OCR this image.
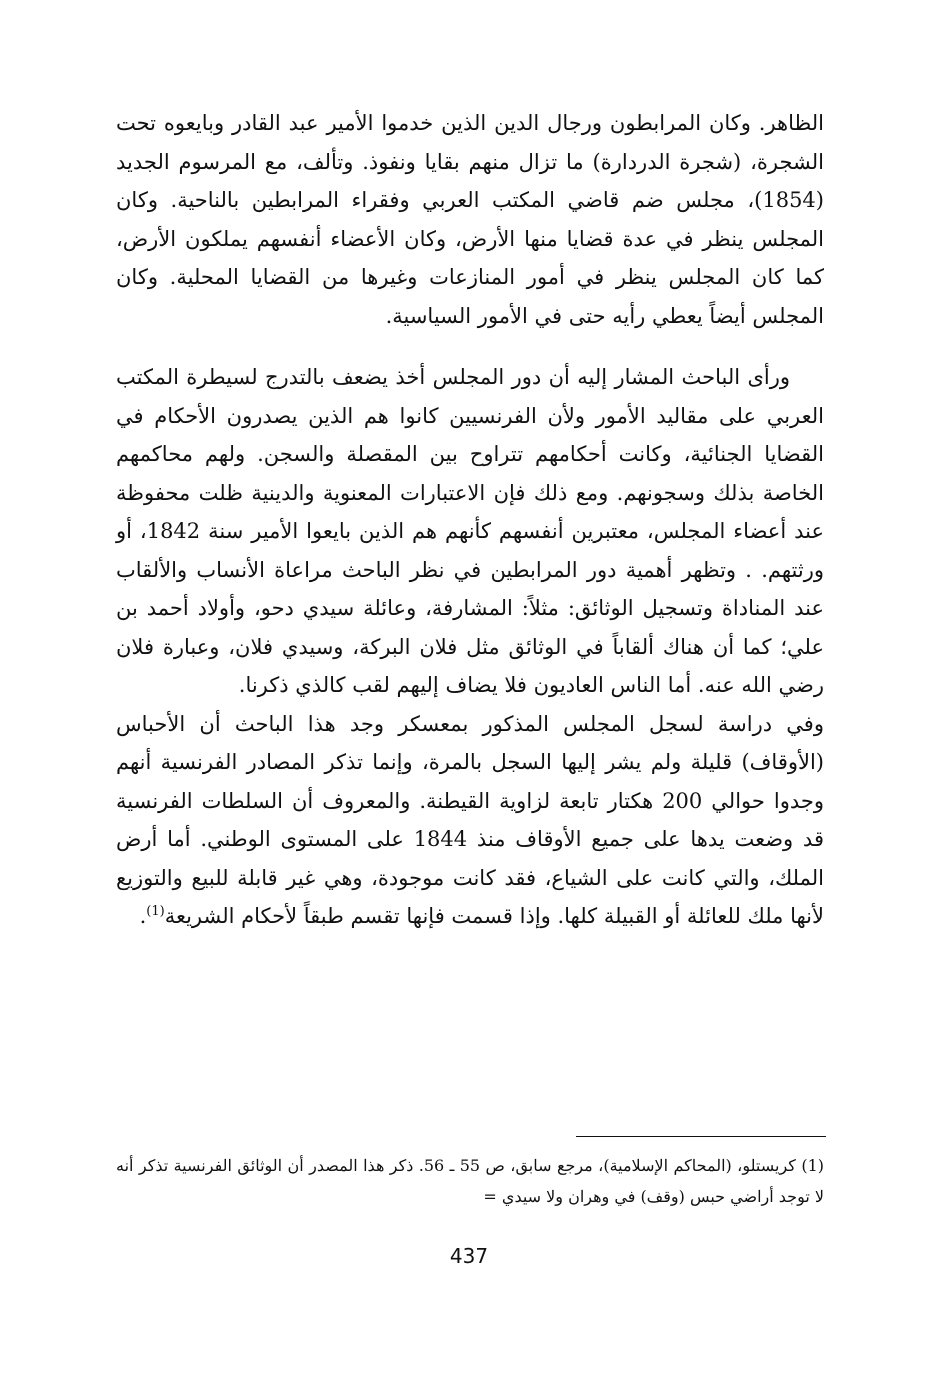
الظاهر. وكان المرابطون ورجال الدين الذين خدموا الأمير عبد القادر وبايعوه تحت الشجرة، (شجرة الدردارة) ما تزال منهم بقايا ونفوذ. وتألف، مع المرسوم الجديد (1854)، مجلس ضم قاضي المكتب العربي وفقراء المرابطين بالناحية. وكان المجلس ينظر في عدة قضايا منها الأرض، وكان الأعضاء أنفسهم يملكون الأرض، كما كان المجلس ينظر في أمور المنازعات وغيرها من القضايا المحلية. وكان المجلس أيضاً يعطي رأيه حتى في الأمور السياسية.

ورأى الباحث المشار إليه أن دور المجلس أخذ يضعف بالتدرج لسيطرة المكتب العربي على مقاليد الأمور ولأن الفرنسيين كانوا هم الذين يصدرون الأحكام في القضايا الجنائية، وكانت أحكامهم تتراوح بين المقصلة والسجن. ولهم محاكمهم الخاصة بذلك وسجونهم. ومع ذلك فإن الاعتبارات المعنوية والدينية ظلت محفوظة عند أعضاء المجلس، معتبرين أنفسهم كأنهم هم الذين بايعوا الأمير سنة 1842، أو ورثتهم. . وتظهر أهمية دور المرابطين في نظر الباحث مراعاة الأنساب والألقاب عند المناداة وتسجيل الوثائق: مثلاً: المشارفة، وعائلة سيدي دحو، وأولاد أحمد بن علي؛ كما أن هناك ألقاباً في الوثائق مثل فلان البركة، وسيدي فلان، وعبارة فلان رضي الله عنه. أما الناس العاديون فلا يضاف إليهم لقب كالذي ذكرنا.

وفي دراسة لسجل المجلس المذكور بمعسكر وجد هذا الباحث أن الأحباس (الأوقاف) قليلة ولم يشر إليها السجل بالمرة، وإنما تذكر المصادر الفرنسية أنهم وجدوا حوالي 200 هكتار تابعة لزاوية القيطنة. والمعروف أن السلطات الفرنسية قد وضعت يدها على جميع الأوقاف منذ 1844 على المستوى الوطني. أما أرض الملك، والتي كانت على الشياع، فقد كانت موجودة، وهي غير قابلة للبيع والتوزيع لأنها ملك للعائلة أو القبيلة كلها. وإذا قسمت فإنها تقسم طبقاً لأحكام الشريعة$^{(1)}$.

(1) كريستلو، (المحاكم الإسلامية)، مرجع سابق، ص 55 ـ 56. ذكر هذا المصدر أن الوثائق الفرنسية تذكر أنه لا توجد أراضي حبس (وقف) في وهران ولا سيدي =

437
